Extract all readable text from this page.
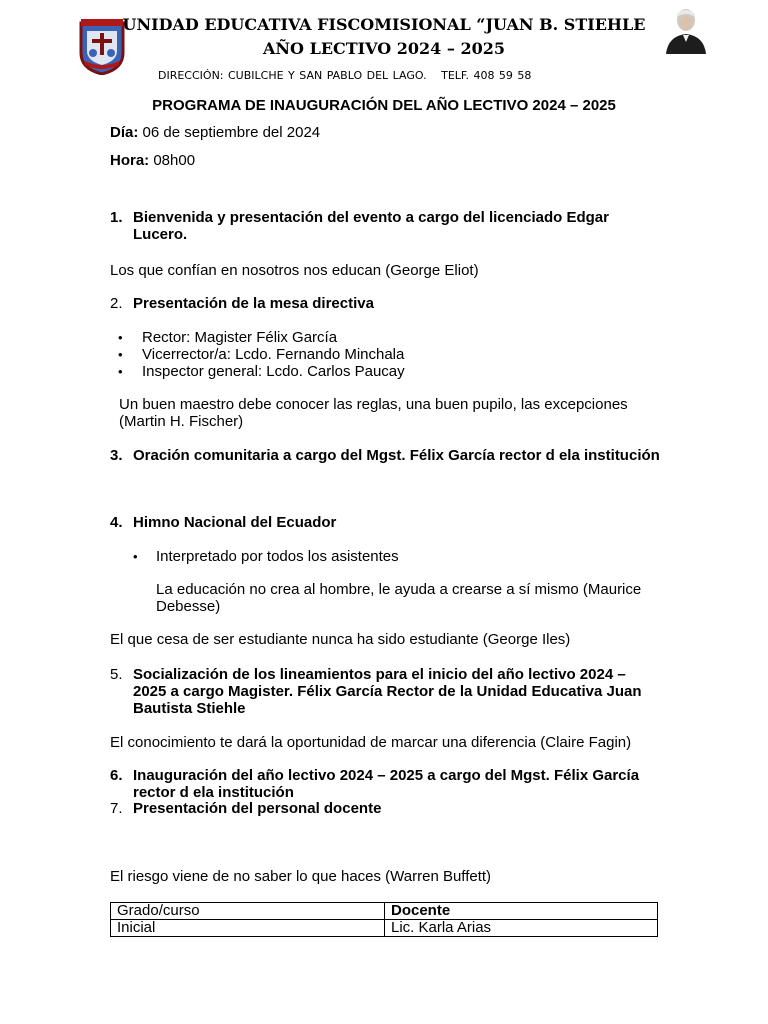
UNIDAD EDUCATIVA FISCOMISIONAL “JUAN B. STIEHLE
AÑO LECTIVO 2024 – 2025
DIRECCIÓN: CUBILCHE Y SAN PABLO DEL LAGO. TELF. 408 59 58
PROGRAMA DE INAUGURACIÓN DEL AÑO LECTIVO 2024 – 2025
Día: 06 de septiembre del 2024
Hora: 08h00
1. Bienvenida y presentación del evento a cargo del licenciado Edgar Lucero.
Los que confían en nosotros nos educan (George Eliot)
2. Presentación de la mesa directiva
• Rector: Magister Félix García
• Vicerrector/a: Lcdo. Fernando Minchala
• Inspector general: Lcdo. Carlos Paucay
Un buen maestro debe conocer las reglas, una buen pupilo, las excepciones (Martin H. Fischer)
3. Oración comunitaria a cargo del Mgst. Félix García rector d ela institución
4. Himno Nacional del Ecuador
• Interpretado por todos los asistentes
La educación no crea al hombre, le ayuda a crearse a sí mismo (Maurice Debesse)
El que cesa de ser estudiante nunca ha sido estudiante (George Iles)
5. Socialización de los lineamientos para el inicio del año lectivo 2024 – 2025 a cargo Magister. Félix García Rector de la Unidad Educativa Juan Bautista Stiehle
El conocimiento te dará la oportunidad de marcar una diferencia (Claire Fagin)
6. Inauguración del año lectivo 2024 – 2025 a cargo del Mgst. Félix García rector d ela institución
7. Presentación del personal docente
El riesgo viene de no saber lo que haces (Warren Buffett)
Grado/curso	Docente
Inicial	Lic. Karla Arias
